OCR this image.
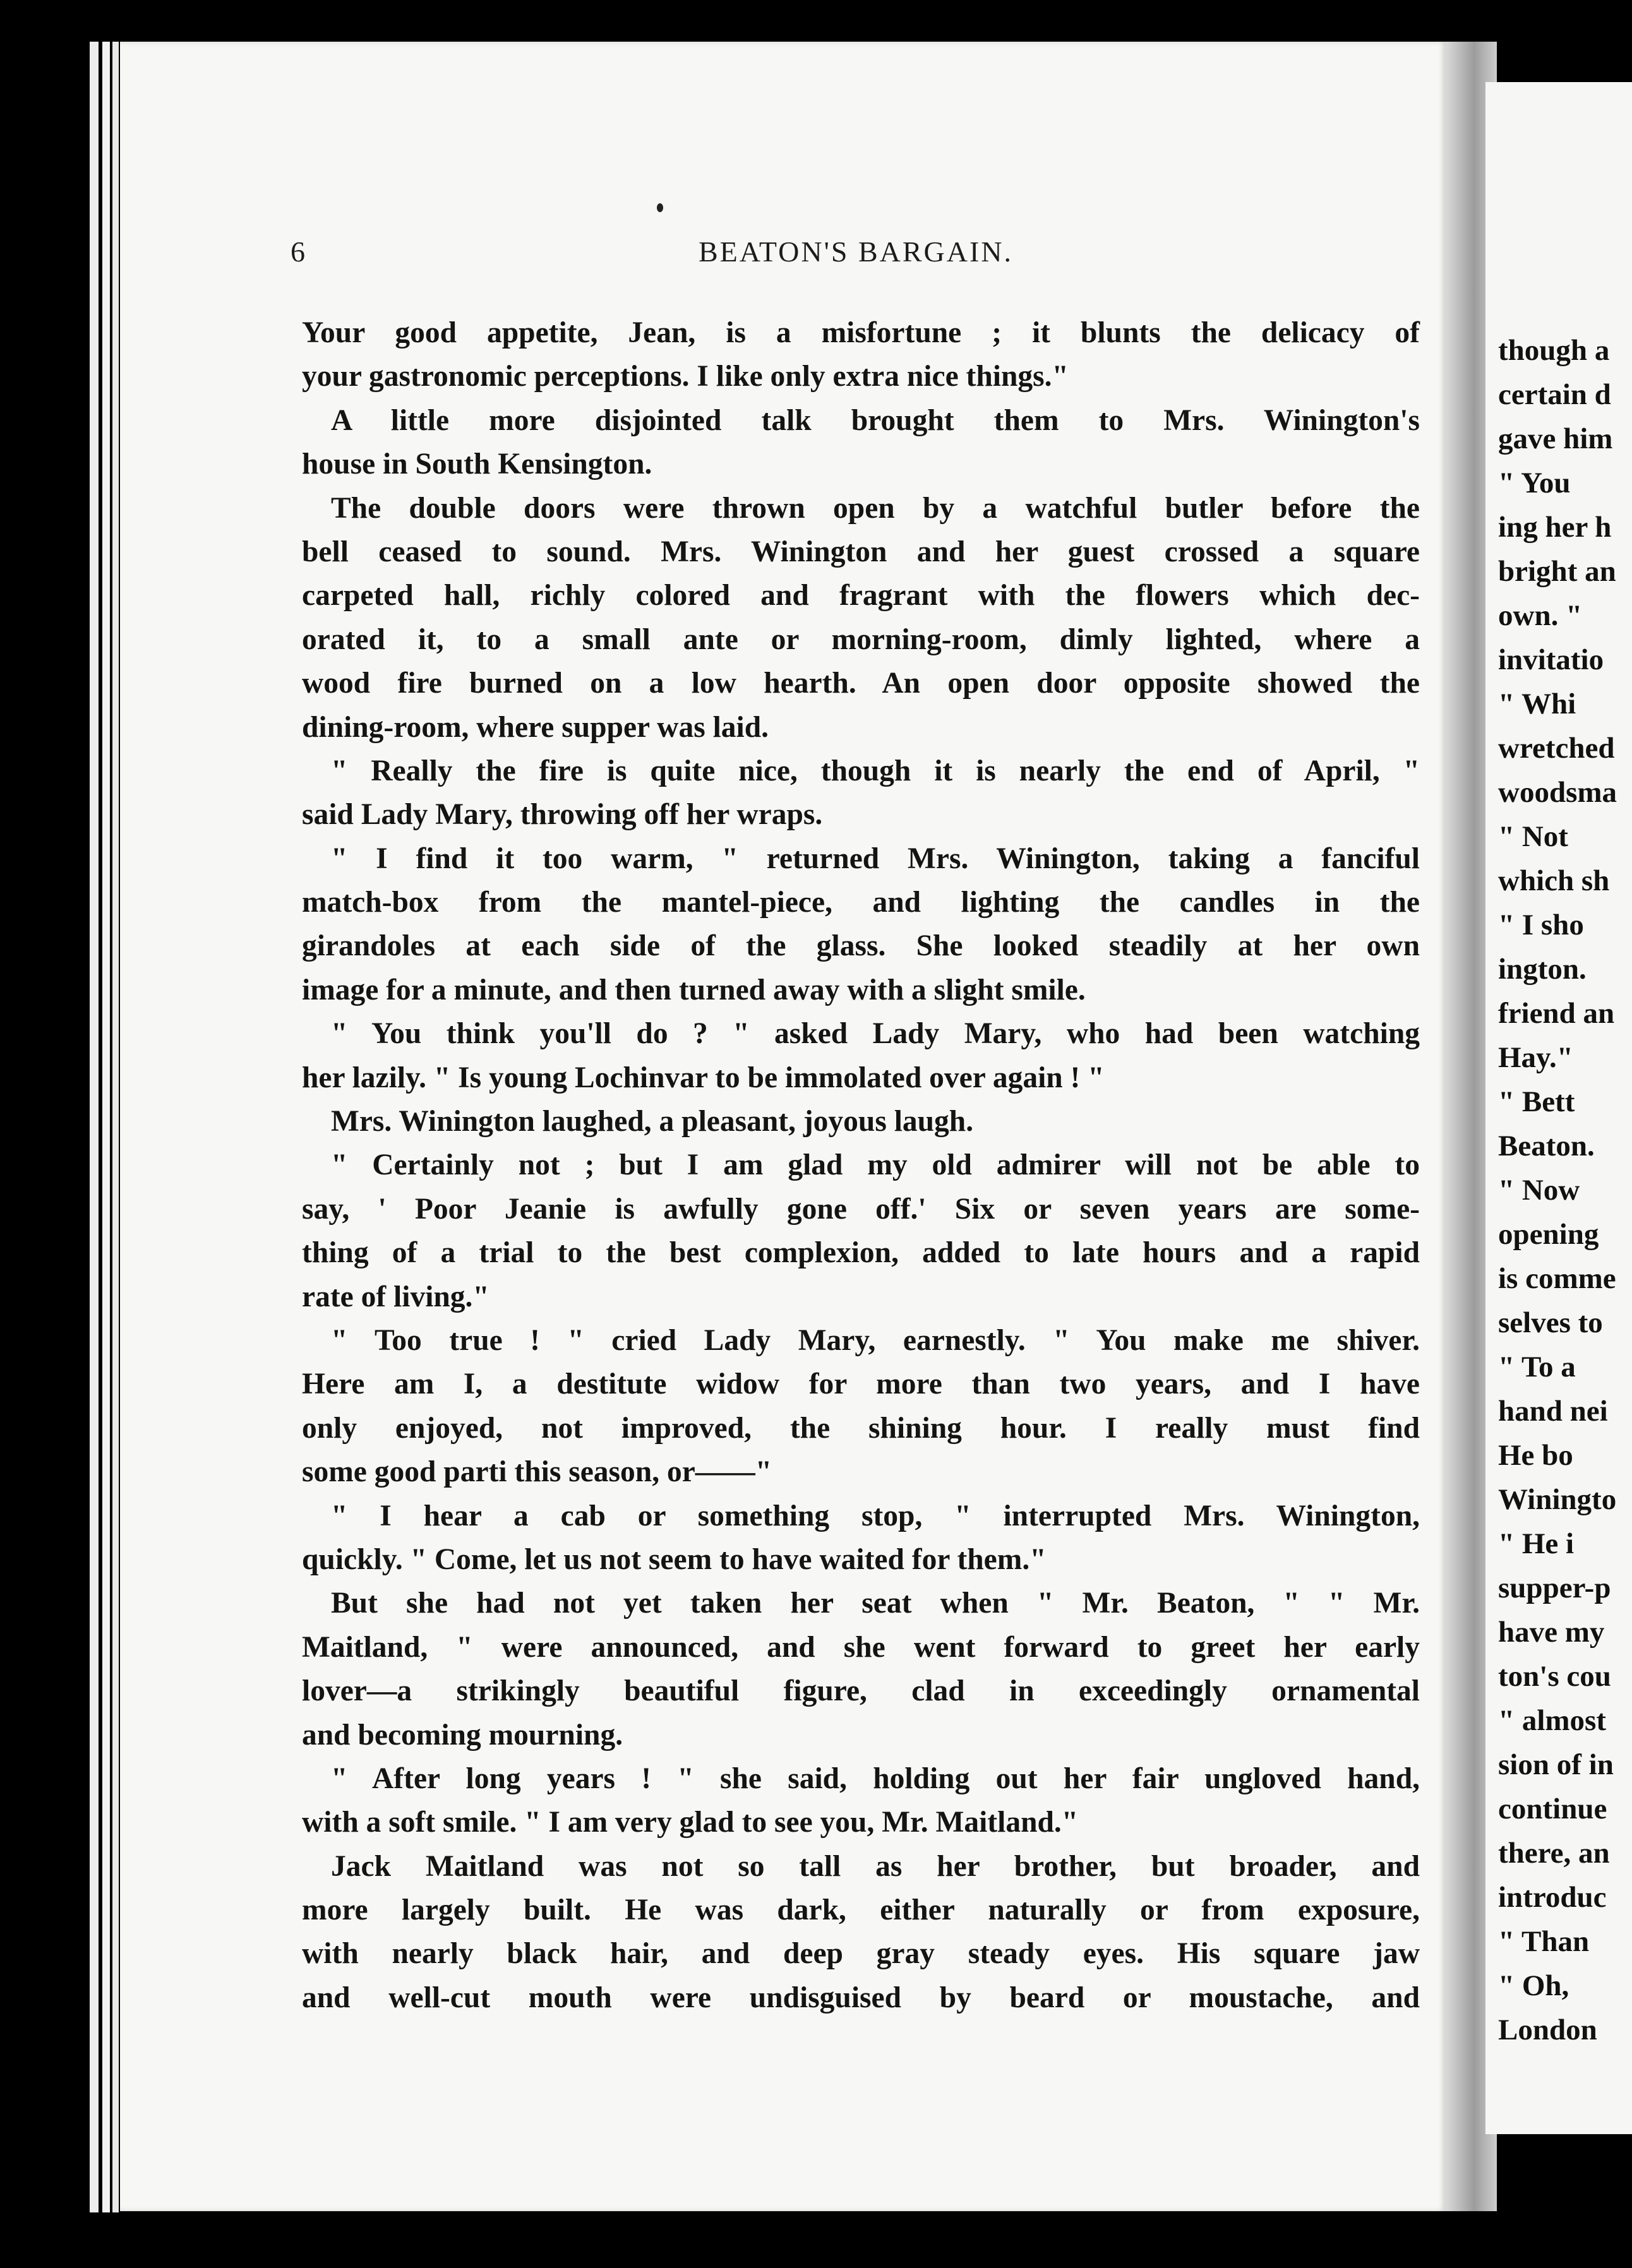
6	BEATON'S BARGAIN.
Your good appetite, Jean, is a misfortune ; it blunts the delicacy of
your gastronomic perceptions. I like only extra nice things."
A little more disjointed talk brought them to Mrs. Winington's
house in South Kensington.
The double doors were thrown open by a watchful butler before the
bell ceased to sound. Mrs. Winington and her guest crossed a square
carpeted hall, richly colored and fragrant with the flowers which dec-
orated it, to a small ante or morning-room, dimly lighted, where a
wood fire burned on a low hearth. An open door opposite showed the
dining-room, where supper was laid.
" Really the fire is quite nice, though it is nearly the end of April, "
said Lady Mary, throwing off her wraps.
" I find it too warm, " returned Mrs. Winington, taking a fanciful
match-box from the mantel-piece, and lighting the candles in the
girandoles at each side of the glass. She looked steadily at her own
image for a minute, and then turned away with a slight smile.
" You think you'll do ? " asked Lady Mary, who had been watching
her lazily. " Is young Lochinvar to be immolated over again ! "
Mrs. Winington laughed, a pleasant, joyous laugh.
" Certainly not ; but I am glad my old admirer will not be able to
say, ' Poor Jeanie is awfully gone off.' Six or seven years are some-
thing of a trial to the best complexion, added to late hours and a rapid
rate of living."
" Too true ! " cried Lady Mary, earnestly. " You make me shiver.
Here am I, a destitute widow for more than two years, and I have
only enjoyed, not improved, the shining hour. I really must find
some good parti this season, or——"
" I hear a cab or something stop, " interrupted Mrs. Winington,
quickly. " Come, let us not seem to have waited for them."
But she had not yet taken her seat when " Mr. Beaton, " " Mr.
Maitland, " were announced, and she went forward to greet her early
lover—a strikingly beautiful figure, clad in exceedingly ornamental
and becoming mourning.
" After long years ! " she said, holding out her fair ungloved hand,
with a soft smile. " I am very glad to see you, Mr. Maitland."
Jack Maitland was not so tall as her brother, but broader, and
more largely built. He was dark, either naturally or from exposure,
with nearly black hair, and deep gray steady eyes. His square jaw
and well-cut mouth were undisguised by beard or moustache, and
though a
certain d
gave him
" You
ing her h
bright an
own. "
invitatio
" Whi
wretched
woodsma
" Not
which sh
" I sho
ington.
friend an
Hay."
" Bett
Beaton.
" Now
opening
is comme
selves to
" To a
hand nei
He bo
Winingto
" He i
supper-p
have my
ton's cou
" almost
sion of in
continue
there, an
introduc
" Than
" Oh,
London
